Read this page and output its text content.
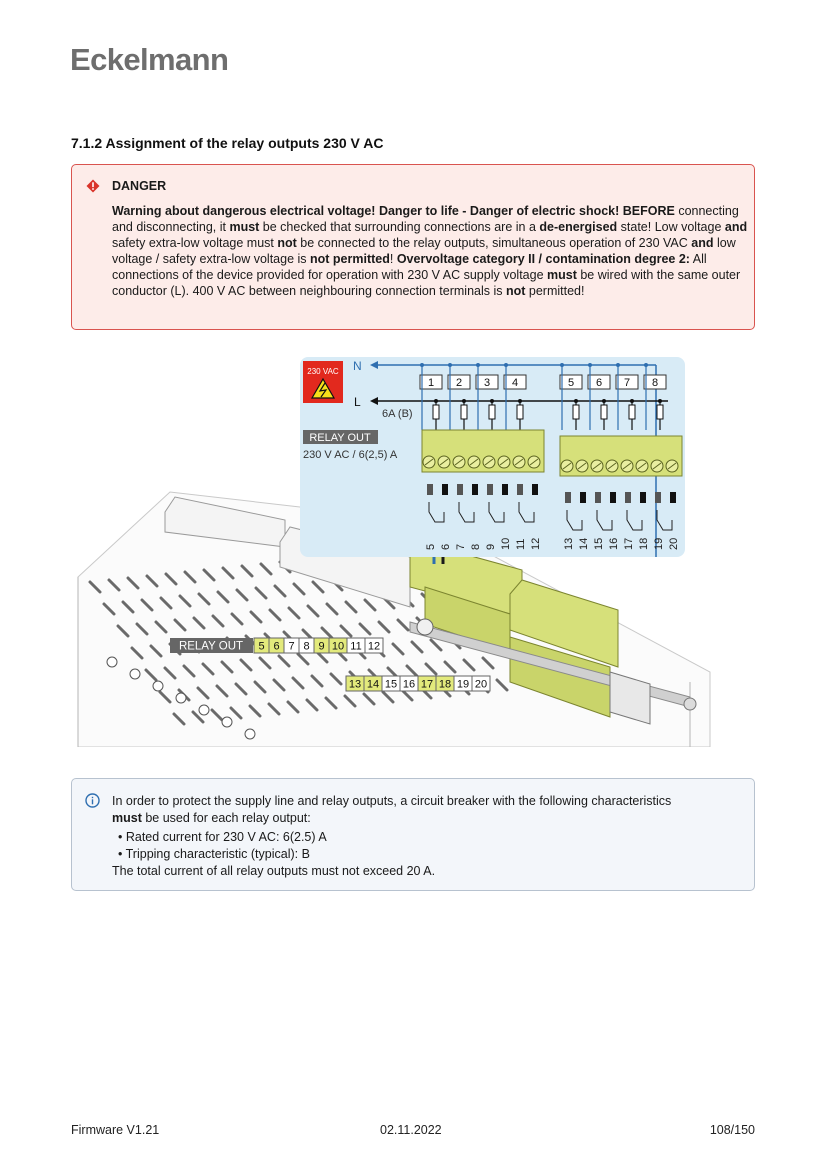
Eckelmann
7.1.2 Assignment of the relay outputs 230 V AC
DANGER
Warning about dangerous electrical voltage! Danger to life - Danger of electric shock! BEFORE connecting and disconnecting, it must be checked that surrounding connections are in a de-energised state! Low voltage and safety extra-low voltage must not be connected to the relay outputs, simultaneous operation of 230 VAC and low voltage / safety extra-low voltage is not permitted! Overvoltage category II / contamination degree 2: All connections of the device provided for operation with 230 V AC supply voltage must be wired with the same outer conductor (L). 400 V AC between neighbouring connection terminals is not permitted!
230 VAC N
L
6A (B)
RELAY OUT
230 V AC / 6(2,5) A
1 2 3 4	5 6 7 8
5 6 7 8 9 10 11 12 13 14 15 16 17 18 19 20
RELAY OUT 5 6 7 8 9 10 11 12
13 14 15 16 17 18 19 20
In order to protect the supply line and relay outputs, a circuit breaker with the following characteristics
must be used for each relay output:
• Rated current for 230 V AC: 6(2.5) A
• Tripping characteristic (typical): B
The total current of all relay outputs must not exceed 20 A.
Firmware V1.21	02.11.2022	108/150
